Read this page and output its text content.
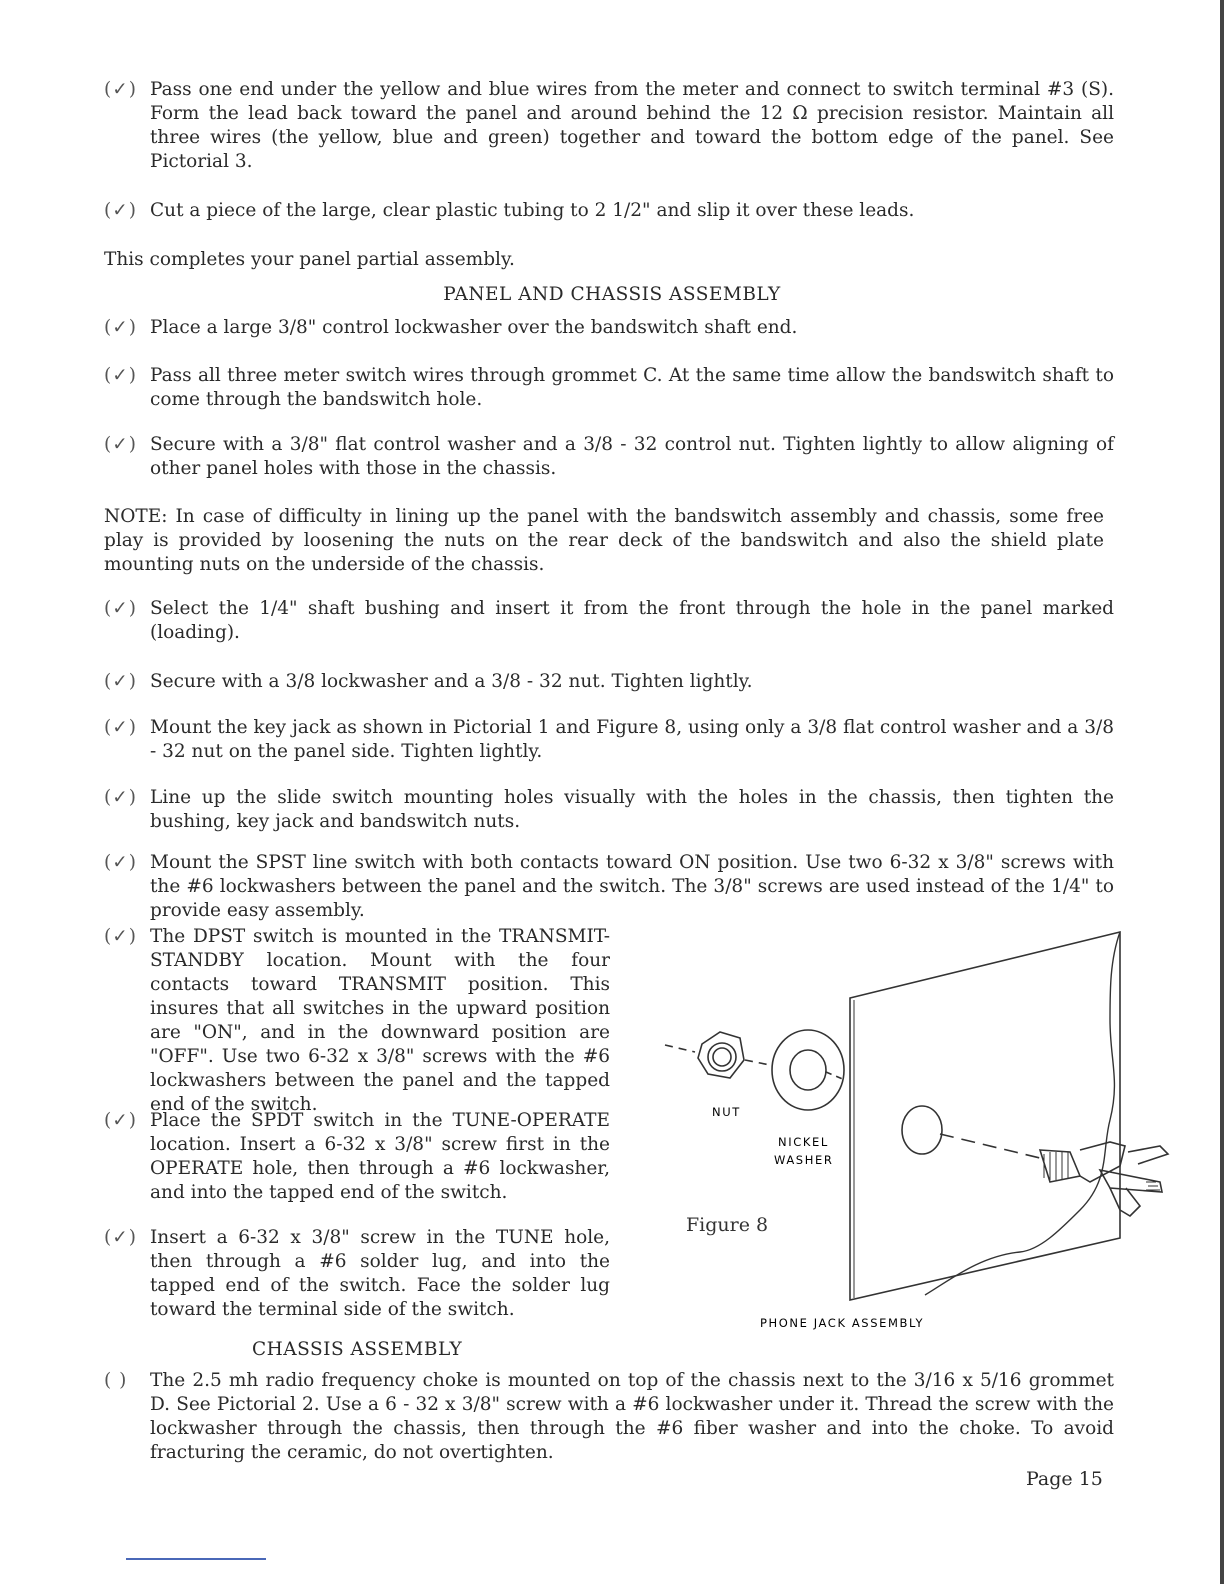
(✓) Pass one end under the yellow and blue wires from the meter and connect to switch terminal #3 (S). Form the lead back toward the panel and around behind the 12 Ω precision resistor. Maintain all three wires (the yellow, blue and green) together and toward the bottom edge of the panel. See Pictorial 3.
(✓) Cut a piece of the large, clear plastic tubing to 2 1/2" and slip it over these leads.
This completes your panel partial assembly.
PANEL AND CHASSIS ASSEMBLY
(✓) Place a large 3/8" control lockwasher over the bandswitch shaft end.
(✓) Pass all three meter switch wires through grommet C. At the same time allow the bandswitch shaft to come through the bandswitch hole.
(✓) Secure with a 3/8" flat control washer and a 3/8 - 32 control nut. Tighten lightly to allow aligning of other panel holes with those in the chassis.
NOTE: In case of difficulty in lining up the panel with the bandswitch assembly and chassis, some free play is provided by loosening the nuts on the rear deck of the bandswitch and also the shield plate mounting nuts on the underside of the chassis.
(✓) Select the 1/4" shaft bushing and insert it from the front through the hole in the panel marked (loading).
(✓) Secure with a 3/8 lockwasher and a 3/8 - 32 nut. Tighten lightly.
(✓) Mount the key jack as shown in Pictorial 1 and Figure 8, using only a 3/8 flat control washer and a 3/8 - 32 nut on the panel side. Tighten lightly.
(✓) Line up the slide switch mounting holes visually with the holes in the chassis, then tighten the bushing, key jack and bandswitch nuts.
(✓) Mount the SPST line switch with both contacts toward ON position. Use two 6-32 x 3/8" screws with the #6 lockwashers between the panel and the switch. The 3/8" screws are used instead of the 1/4" to provide easy assembly.
(✓) The DPST switch is mounted in the TRANSMIT-STANDBY location. Mount with the four contacts toward TRANSMIT position. This insures that all switches in the upward position are "ON", and in the downward position are "OFF". Use two 6-32 x 3/8" screws with the #6 lockwashers between the panel and the tapped end of the switch.
(✓) Place the SPDT switch in the TUNE-OPERATE location. Insert a 6-32 x 3/8" screw first in the OPERATE hole, then through a #6 lockwasher, and into the tapped end of the switch.
(✓) Insert a 6-32 x 3/8" screw in the TUNE hole, then through a #6 solder lug, and into the tapped end of the switch. Face the solder lug toward the terminal side of the switch.
NUT
NICKEL
WASHER
Figure 8
PHONE JACK ASSEMBLY
CHASSIS ASSEMBLY
( )	The 2.5 mh radio frequency choke is mounted on top of the chassis next to the 3/16 x 5/16 grommet D. See Pictorial 2. Use a 6 - 32 x 3/8" screw with a #6 lockwasher under it. Thread the screw with the lockwasher through the chassis, then through the #6 fiber washer and into the choke. To avoid fracturing the ceramic, do not overtighten.
Page 15
